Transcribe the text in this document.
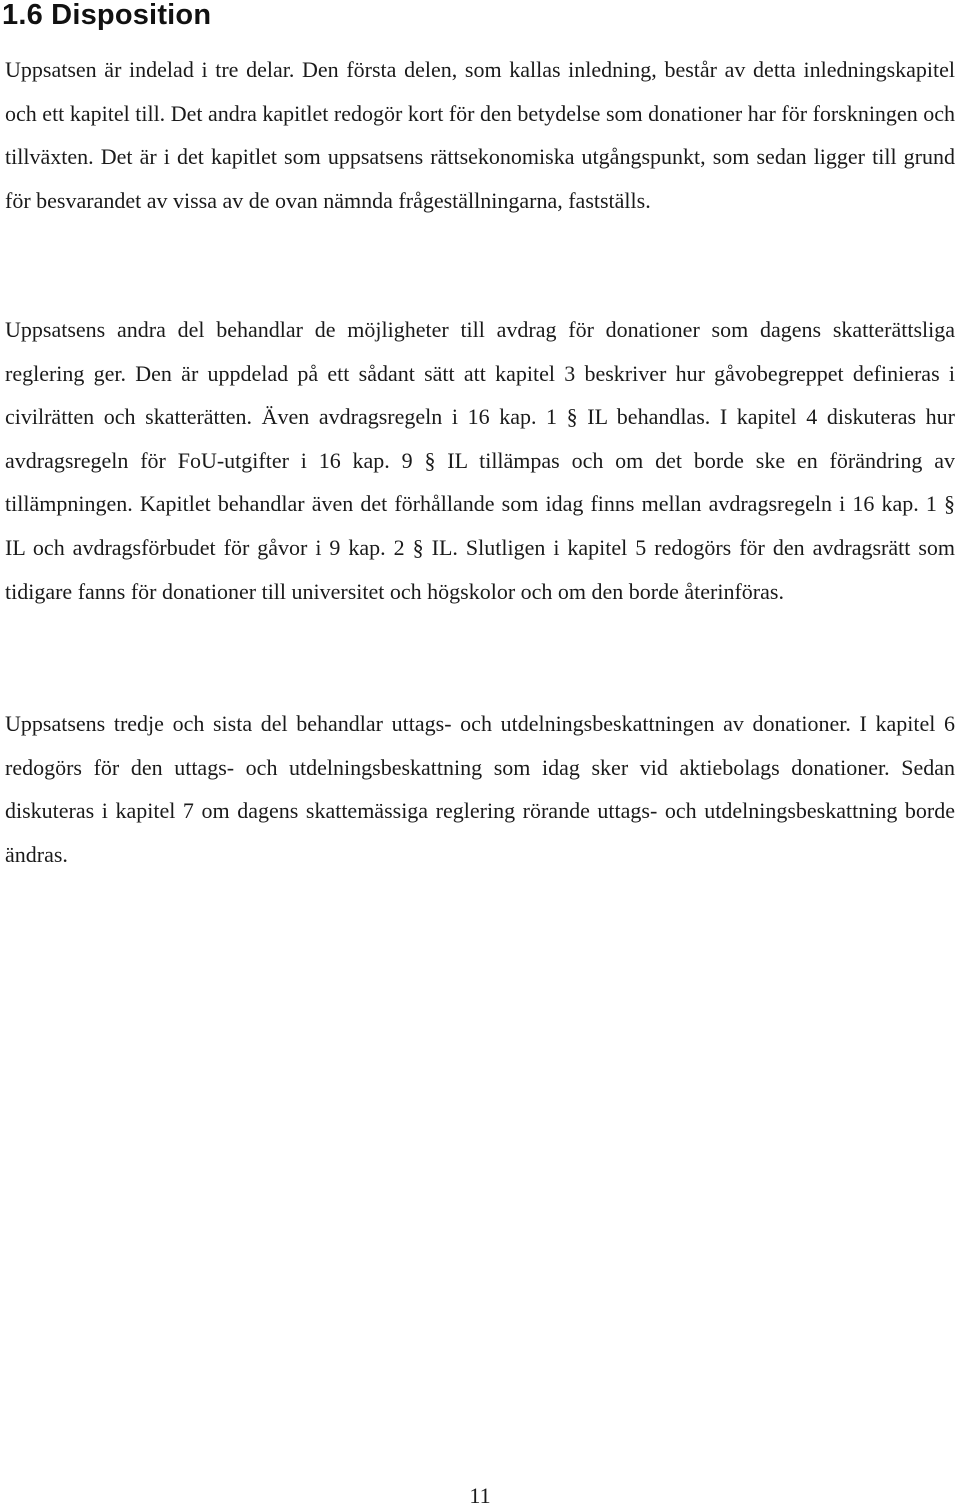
1.6 Disposition

Uppsatsen är indelad i tre delar. Den första delen, som kallas inledning, består av detta inledningskapitel och ett kapitel till. Det andra kapitlet redogör kort för den betydelse som donationer har för forskningen och tillväxten. Det är i det kapitlet som uppsatsens rättsekonomiska utgångspunkt, som sedan ligger till grund för besvarandet av vissa av de ovan nämnda frågeställningarna, fastställs.

Uppsatsens andra del behandlar de möjligheter till avdrag för donationer som dagens skatterättsliga reglering ger. Den är uppdelad på ett sådant sätt att kapitel 3 beskriver hur gåvobegreppet definieras i civilrätten och skatterätten. Även avdragsregeln i 16 kap. 1 § IL behandlas. I kapitel 4 diskuteras hur avdragsregeln för FoU-utgifter i 16 kap. 9 § IL tillämpas och om det borde ske en förändring av tillämpningen. Kapitlet behandlar även det förhållande som idag finns mellan avdragsregeln i 16 kap. 1 § IL och avdragsförbudet för gåvor i 9 kap. 2 § IL. Slutligen i kapitel 5 redogörs för den avdragsrätt som tidigare fanns för donationer till universitet och högskolor och om den borde återinföras.

Uppsatsens tredje och sista del behandlar uttags- och utdelningsbeskattningen av donationer. I kapitel 6 redogörs för den uttags- och utdelningsbeskattning som idag sker vid aktiebolags donationer. Sedan diskuteras i kapitel 7 om dagens skattemässiga reglering rörande uttags- och utdelningsbeskattning borde ändras.

11
